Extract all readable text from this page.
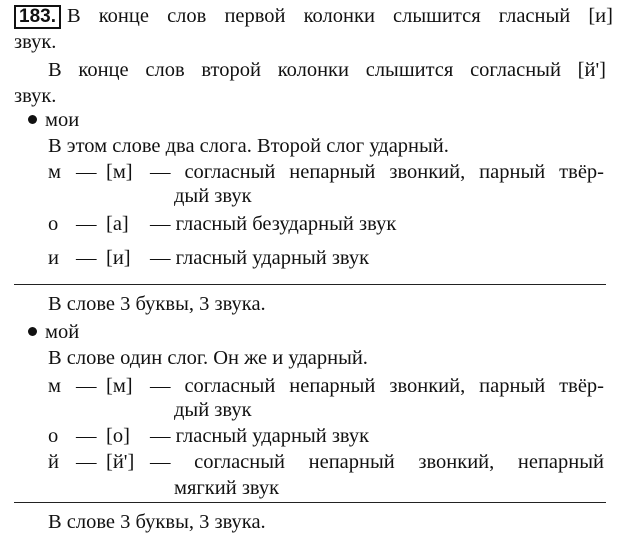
183. В конце слов первой колонки слышится гласный [и]
звук.
В конце слов второй колонки слышится согласный [й']
звук.
мои
В этом слове два слога. Второй слог ударный.
м — [м] — согласный непарный звонкий, парный твёр-
дый звук
о — [а]	— гласный безударный звук
и — [и] — гласный ударный звук
В слове 3 буквы, 3 звука.
мой
В слове один слог. Он же и ударный.
м — [м] — согласный непарный звонкий, парный твёр-
дый звук
о — [о] — гласный ударный звук
й — [й'] — согласный непарный звонкий, непарный
мягкий звук
В слове 3 буквы, 3 звука.
